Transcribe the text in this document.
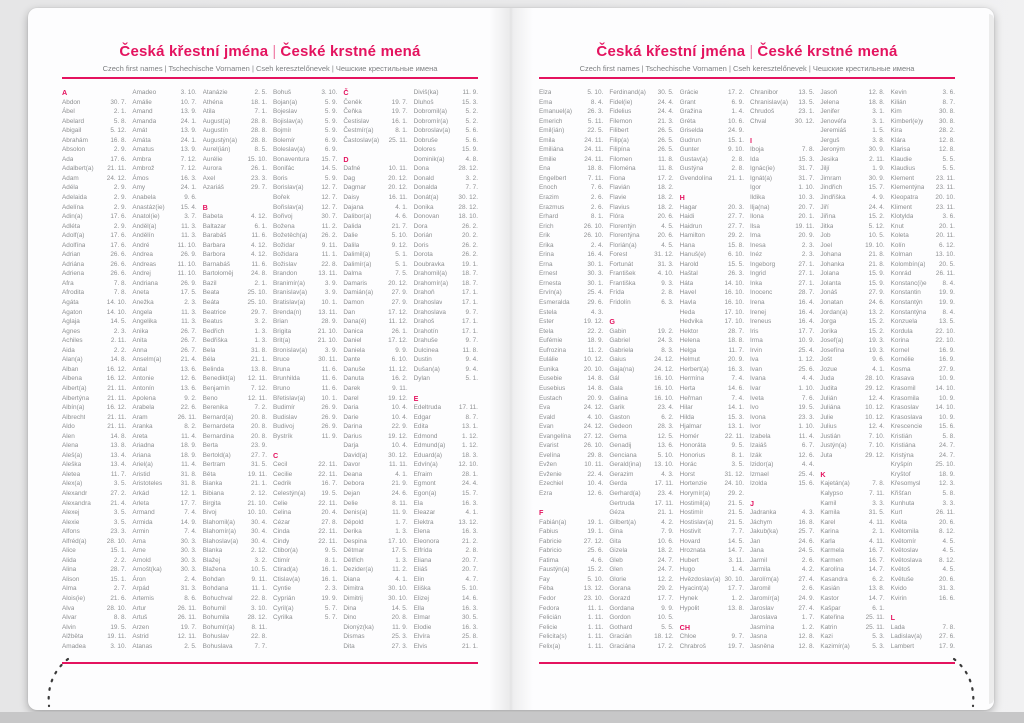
Česká křestní jména | České krstné mená
Czech first names | Tschechische Vornamen | Cseh keresztelőnevek | Чешские крестильные имена
A
Abdon	30. 7.
Ábel	2. 1.
Abelard	5. 8.
Abigail	5. 12.
Abrahám	16. 8.
Absolon	2. 9.
Ada	17. 6.
Adalbert(a) 21. 11.
Adam	24. 12.
Adéla	2. 9.
Adelaida	2. 9.
Adelína	2. 9.
Adin(a)	17. 6.
Adléta	2. 9.
Adolf(a)	17. 6.
Adolfína	17. 6.
Adrian	26. 6.
Adriána	26. 6.
Adriena	26. 6.
Afra	7. 8.
Afrodita	7. 8.
Agáta	14. 10.
Agaton	14. 10.
Aglaja	14. 5.
Agnes	2. 3.
Achiles	2. 11.
Aida	2. 2.
Alan(a)	14. 8.
Alban	16. 12.
Albena	16. 12.
Albert(a)	21. 11.
Albertýna	21. 11.
Albín(a)	16. 12.
Albrecht	21. 11.
Aldo	21. 11.
Alen	14. 8.
Alena	13. 8.
Aleš(a)	13. 4.
Aleška	13. 4.
Aletea	11. 7.
Alex(a)	3. 5.
Alexandr	27. 2.
Alexandra	21. 4.
Alexej	3. 5.
Alexie	3. 5.
Alfons	23. 3.
Alfréd(a)	28. 10.
Alice	15. 1.
Alida	2. 2.
Alina	28. 7.
Alison	15. 1.
Alma	2. 7.
Alois(ie)	21. 6.
Alva	28. 10.
Alvar	8. 8.
Alvin	19. 5.
Alžběta	19. 11.
Amadea	3. 10.
Amadeo	3. 10.
Amálie	10. 7.
Amand	13. 9.
Amanda	24. 1.
Amát	13. 9.
Amáta	24. 1.
Amatus	13. 9.
Ambra	7. 12.
Ambrož	7. 12.
Ámos	16. 3.
Amy	24. 1.
Anabela	9. 6.
Anastáz(ie)	15. 4.
Anatol(ie)	3. 7.
Anděl(a)	11. 3.
Andělín	11. 3.
André	11. 10.
Andrea	26. 9.
Andreas	11. 10.
Andrej	11. 10.
Andriana	26. 9.
Aneta	17. 5.
Anežka	2. 3.
Angela	11. 3.
Angelika	11. 3.
Anika	26. 7.
Anita	26. 7.
Anna	26. 7.
Anselm(a)	21. 4.
Antal	13. 6.
Antonie	12. 6.
Antonín	13. 6.
Apolena	9. 2.
Arabela	22. 6.
Aram	26. 11.
Aranka	8. 2.
Areta	11. 4.
Ariadna	18. 9.
Ariana	18. 9.
Ariel(a)	11. 4.
Aristid	31. 8.
Aristoteles	31. 8.
Arkád	12. 1.
Arleta	17. 7.
Armand	7. 4.
Armida	14. 9.
Armin	7. 4.
Arna	30. 3.
Arne	30. 3.
Arnold	30. 3.
Arnošt(ka)	30. 3.
Áron	2. 4.
Arpád	31. 3.
Artemis	8. 6.
Artur	26. 11.
Artuš	26. 11.
Arzen	19. 7.
Astrid	12. 11.
Atanas	2. 5.
Atanázie	2. 5.
Athéna	18. 1.
Atila	7. 1.
August(a)	28. 8.
Augustín	28. 8.
Augustýn(a) 28. 8.
Aurel(ián)	8. 5.
Aurélie	15. 10.
Aurora	26. 1.
Axel	23. 3.
Azariáš	29. 7.
B
Babeta	4. 12.
Baltazar	6. 1.
Barabáš	11. 6.
Barbara	4. 12.
Barbora	4. 12.
Barnabáš	11. 6.
Bartoloměj	24. 8.
Bazil	2. 1.
Beata	25. 10.
Beáta	25. 10.
Beatrice	29. 7.
Beatus	3. 2.
Bedřich	1. 3.
Bedřiška	1. 3.
Bela	31. 8.
Béla	21. 1.
Belinda	13. 8.
Benedikt(a) 12. 11.
Benjamín	7. 12.
Beno	12. 11.
Berenika	7. 2.
Bernard(a)	20. 8.
Bernardeta	20. 8.
Bernardina	20. 8.
Berta	23. 9.
Bertold(a)	27. 7.
Bertram	31. 5.
Běta	19. 11.
Bianka	21. 1.
Bibiana	2. 12.
Birgita	21. 10.
Bivoj	10. 10.
Blahomil(a)	30. 4.
Blahomír(a) 30. 4.
Blahoslav(a) 30. 4.
Blanka	2. 12.
Blažej	3. 2.
Blažena	10. 5.
Bohdan	9. 11.
Bohdana	11. 1.
Bohuchval	22. 8.
Bohumil	3. 10.
Bohumila	28. 12.
Bohumír(a)	8. 11.
Bohuslav	22. 8.
Bohuslava	7. 7.
Bohuš	3. 10.
Bojan(a)	5. 9.
Bojeslav	5. 9.
Bojislav(a)	5. 9.
Bojmír	5. 9.
Bolemír	6. 9.
Boleslav(a)	6. 9.
Bonaventura 15. 7.
Bonifác	14. 5.
Boris	5. 9.
Borislav(a)	12. 7.
Bořek	12. 7.
Bořislav(a)	12. 7.
Bořivoj	30. 7.
Božena	11. 2.
Božetěch(a) 26. 2.
Božidar	9. 11.
Božidara	11. 1.
Božislav	22. 8.
Brandon	13. 11.
Branimír(a)	3. 9.
Branislav(a)	3. 9.
Bratislav(a)	10. 1.
Brenda(n)	13. 11.
Brian	28. 9.
Brigita	21. 10.
Brit(a)	21. 10.
Bronislav(a)	3. 9.
Bruce	30. 11.
Bruna	11. 6.
Brunhilda	11. 6.
Bruno	11. 6.
Břetislav(a)	10. 1.
Budimír	26. 9.
Budislav	26. 9.
Budivoj	26. 9.
Bystrík	11. 9.
C
Cecil	22. 11.
Cecilie	22. 11.
Cedrik	16. 7.
Celestýn(a) 19. 5.
Celie	22. 11.
Celina	20. 4.
Cézar	27. 8.
Cinda	22. 11.
Cindy	22. 11.
Ctibor(a)	9. 5.
Ctimír	8. 1.
Ctirad(a)	16. 1.
Ctislav(a)	16. 1.
Cyntie	2. 3.
Cyprián	19. 9.
Cyril(a)	5. 7.
Cyrilka	5. 7.
Č
Čeněk	19. 7.
Čeňka	19. 7.
Čestislav	16. 1.
Čestmír(a)	8. 1.
Častoslav(a) 25. 11.
D
Dafné	10. 11.
Dag	20. 12.
Dagmar	20. 12.
Daisy	16. 11.
Dajana	4. 1.
Dalibor(a)	4. 6.
Dalida	21. 7.
Dalie	5. 10.
Dalila	9. 12.
Dalimil(a)	5. 1.
Dalimír(a)	5. 1.
Dalma	7. 5.
Damaris	20. 12.
Damián(a)	27. 9.
Damon	27. 9.
Dan	17. 12.
Dana(é)	11. 12.
Danica	26. 1.
Daniel	17. 12.
Daniela	9. 9.
Dante	6. 10.
Danuše	11. 12.
Danuta	16. 2.
Darek	9. 11.
Darel	19. 12.
Daria	10. 4.
Darie	10. 4.
Darina	22. 9.
Darius	19. 12.
Darja	10. 4.
David(a)	30. 12.
Davor	11. 11.
Deana	4. 1.
Debora	21. 9.
Dejan	24. 6.
Delie	8. 11.
Denis(a)	11. 9.
Děpold	1. 7.
Derika	1. 3.
Despina	17. 10.
Dětmar	17. 5.
Dětřich	1. 3.
Dezider(a)	11. 2.
Diana	4. 1.
Dimitra	30. 10.
Dimitrij	30. 10.
Dina	14. 5.
Dino	20. 8.
Dionýz(ka)	11. 9.
Dismas	25. 3.
Dita	27. 3.
Diviš(ka)	11. 9.
Dluhoš	15. 3.
Dobromil(a)	5. 2.
Dobromír(a)	5. 2.
Dobroslav(a) 5. 6.
Dobruše	5. 6.
Dolores	15. 9.
Dominik(a)	4. 8.
Dona	28. 12.
Donald	3. 2.
Donalda	7. 7.
Donát(a)	30. 12.
Donika	28. 12.
Donovan	18. 10.
Dora	26. 2.
Dorián	20. 2.
Doris	26. 2.
Dorota	26. 2.
Doubravka	19. 1.
Drahomil(a) 18. 7.
Drahomír(a) 18. 7.
Drahoň	17. 1.
Drahoslav	17. 1.
Drahoslava	9. 7.
Drahoš	17. 1.
Drahotín	17. 1.
Drahuše	9. 7.
Dulcinea	11. 8.
Dustin	9. 4.
Dušan(a)	9. 4.
Dylan	5. 1.
E
Edeltruda	17. 11.
Edgar	8. 7.
Edita	13. 1.
Edmond	1. 12.
Edmund(a)	1. 12.
Eduard(a)	18. 3.
Edvín(a)	12. 10.
Efraim	28. 1.
Egmont	24. 4.
Egon(a)	15. 7.
Ela	16. 3.
Eleazar	4. 1.
Elektra	13. 12.
Elena	16. 3.
Eleonora	21. 2.
Elfrída	2. 8.
Eliana	20. 7.
Eliáš	20. 7.
Elin	4. 7.
Eliška	5. 10.
Elizej	14. 6.
Ella	16. 3.
Elmar	30. 5.
Elodie	16. 3.
Elvíra	25. 8.
Elvis	21. 1.
Česká křestní jména | České krstné mená
Czech first names | Tschechische Vornamen | Cseh keresztelőnevek | Чешские крестильные имена
Elza	5. 10.
Ema	8. 4.
Emanuel(a) 26. 3.
Emerich	5. 11.
Emil(ián)	22. 5.
Emila	24. 11.
Emiliána	24. 11.
Emilie	24. 11.
Ena	18. 8.
Engelbert	7. 11.
Enoch	7. 6.
Erazim	2. 6.
Erazmus	2. 6.
Erhard	8. 1.
Erich	26. 10.
Erik	26. 10.
Erika	2. 4.
Erina	16. 4.
Erna	30. 1.
Ernest	30. 3.
Ernesta	30. 1.
Ervín(a)	25. 4.
Esmeralda	29. 6.
Estela	4. 3.
Ester	19. 12.
Etela	22. 2.
Eufémie	18. 9.
Eufrozina	11. 2.
Eulálie	10. 12.
Eunika	20. 10.
Eusebie	14. 8.
Eusebius	14. 8.
Eustach	20. 9.
Eva	24. 12.
Evald	4. 10.
Evan	24. 12.
Evangelína 27. 12.
Evarist	26. 10.
Evelína	29. 8.
Evžen	10. 11.
Evženie	22. 4.
Ezechiel	10. 4.
Ezra	12. 6.
F
Fabián(a)	19. 1.
Fabius	19. 1.
Fabricie	27. 12.
Fabricio	25. 6.
Fatima	4. 6.
Faustýn(a)	15. 2.
Fay	5. 10.
Féba	13. 12.
Fedor	23. 10.
Fedora	11. 1.
Felicián	1. 11.
Felicie	1. 11.
Felicita(s)	1. 11.
Felix(a)	1. 11.
Ferdinand(a) 30. 5.
Fidel(ie)	24. 4.
Fidelius	24. 4.
Filemon	21. 3.
Filibert	26. 5.
Filip(a)	26. 5.
Filipína	26. 5.
Filomen	11. 8.
Filoména	11. 8.
Fiona	17. 2.
Flavián	18. 2.
Flavie	18. 2.
Flavius	18. 2.
Flóra	20. 6.
Florentýn	4. 5.
Florentýna	20. 6.
Florián(a)	4. 5.
Forest	31. 12.
Fortunát	31. 3.
František	4. 10.
Františka	9. 3.
Frída	2. 8.
Fridolín	6. 3.
G
Gabin	19. 2.
Gabriel	24. 3.
Gabriela	8. 3.
Gaius	24. 12.
Gaja(na)	24. 12.
Gál	16. 10.
Gala	16. 10.
Galina	16. 10.
Garik	23. 4.
Gaston	6. 2.
Gedeon	28. 3.
Gema	12. 5.
Genadij	13. 6.
Genciana	5. 10.
Gerald(ina) 13. 10.
Gerazim	4. 3.
Gerda	17. 11.
Gerhard(a)	23. 4.
Gertruda	17. 11.
Géza	21. 1.
Gilbert(a)	4. 2.
Gina	7. 9.
Gita	10. 6.
Gizela	18. 2.
Gleb	24. 7.
Glen	24. 7.
Glorie	12. 2.
Gorana	29. 2.
Gorazd	17. 7.
Gordana	9. 9.
Gordon	10. 5.
Gothard	5. 5.
Gracián	18. 12.
Graciána	17. 2.
Grácie	17. 2.
Grant	6. 9.
Gražina	1. 4.
Gréta	10. 6.
Griselda	24. 9.
Gudrun	15. 1.
Gunter	9. 10.
Gustav(a)	2. 8.
Gustýna	2. 8.
Gvendolína 21. 1.
H
Hagar	20. 3.
Haidi	27. 7.
Haidrun	27. 7.
Hamilton	29. 2.
Hana	15. 8.
Hanuš(e)	6. 10.
Harold	15. 5.
Haštal	26. 3.
Háta	14. 10.
Havel	16. 10.
Havla	16. 10.
Heda	17. 10.
Hedvika	17. 10.
Hektor	28. 7.
Helena	18. 8.
Helga	11. 7.
Helmut	20. 9.
Herbert(a)	16. 3.
Hermína	7. 4.
Herta	14. 6.
Heřman	7. 4.
Hilar	14. 1.
Hilda	15. 3.
Hjalmar	13. 1.
Homér	22. 11.
Honoráta	9. 5.
Honorius	8. 1.
Horác	3. 5.
Horst	31. 12.
Hortenzie	24. 10.
Horymír(a)	29. 2.
Hostimil(a)	21. 5.
Hostimír	21. 5.
Hostislav(a) 21. 5.
Hostivít	7. 7.
Hovard	14. 5.
Hroznata	14. 7.
Hubert	3. 11.
Hugo	1. 4.
Hvězdoslav(a) 30. 10.
Hyacint(a)	17. 7.
Hynek	1. 2.
Hypolit	13. 8.
CH
Chloe	9. 7.
Chrabroš	19. 7.
Chranibor	13. 5.
Chranislav(a) 13. 5.
Chrudoš	23. 1.
Chval	30. 12.
I
Iboja	7. 8.
Ida	15. 3.
Ignác(ie)	31. 7.
Ignát(a)	31. 7.
Igor	1. 10.
Ildika	10. 3.
Ilja(na)	20. 7.
Ilona	20. 1.
Ilsa	19. 11.
Ima	20. 9.
Inesa	2. 3.
Inéz	2. 3.
Ingeborg	27. 1.
Ingrid	27. 1.
Inka	27. 1.
Inocenc	28. 7.
Irena	16. 4.
Irenej	16. 4.
Ireneus	16. 4.
Iris	17. 7.
Irma	10. 9.
Irvin	25. 4.
Iva	1. 12.
Ivan	25. 6.
Ivana	4. 4.
Ivar	1. 10.
Iveta	7. 6.
Ivo	19. 5.
Ivona	23. 3.
Ivor	1. 10.
Izabela	11. 4.
Izaiáš	6. 7.
Izák	12. 6.
Izidor(a)	4. 4.
Izmael	25. 4.
Izolda	15. 6.
J
Jadranka	4. 3.
Jáchym	16. 8.
Jakub(ka)	25. 7.
Jan	24. 6.
Jana	24. 5.
Jarmil	2. 6.
Jarmila	4. 2.
Jarolím(a)	27. 4.
Jaromil	2. 6.
Jaromír(a)	24. 9.
Jaroslav	27. 4.
Jaroslava	1. 7.
Jasmína	1. 2.
Jasna	12. 8.
Jasněna	12. 8.
Jasoň	12. 8.
Jelena	18. 8.
Jenifer	3. 1.
Jenovéfa	3. 1.
Jeremiáš	1. 5.
Jerguš	3. 8.
Jeroným	30. 9.
Jesika	2. 11.
Jiljí	1. 9.
Jimram	30. 9.
Jindřich	15. 7.
Jindřiška	4. 9.
Jiří	24. 4.
Jiřina	15. 2.
Jitka	5. 12.
Job	10. 5.
Joel	19. 10.
Johana	21. 8.
Johanka	21. 8.
Jolana	15. 9.
Jolanta	15. 9.
Jonáš	27. 9.
Jonatan	24. 6.
Jordan(a)	13. 2.
Jorga	15. 2.
Jorika	15. 2.
Josef(a)	19. 3.
Josefína	19. 3.
Jošt	9. 6.
Jozue	4. 1.
Juda	28. 10.
Judita	29. 12.
Julián	12. 4.
Juliána	10. 12.
Julie	10. 12.
Julius	12. 4.
Justián	7. 10.
Justýn(a)	7. 10.
Juta	29. 12.
K
Kajetán(a)	7. 8.
Kalypso	7. 11.
Kamil	3. 3.
Kamila	31. 5.
Karel	4. 11.
Karina	2. 1.
Karla	4. 11.
Karmela	16. 7.
Karmen	16. 7.
Karolína	14. 7.
Kasandra	6. 2.
Kasián	13. 8.
Kastor	14. 7.
Kašpar	6. 1.
Kateřina	25. 11.
Katrin	25. 11.
Kazi	5. 3.
Kazimír(a)	5. 3.
Kevin	3. 6.
Kilián	8. 7.
Kim	30. 8.
Kimberl(e)y 30. 8.
Kira	28. 2.
Klára	12. 8.
Klarisa	12. 8.
Klaudie	5. 5.
Klaudius	5. 5.
Klement	23. 11.
Klementýna 23. 11.
Kleopatra	20. 10.
Kliment	23. 11.
Klotylda	3. 6.
Knut	20. 1.
Koleta	20. 11.
Kolín	6. 12.
Kolman	13. 10.
Kolombín(a) 20. 5.
Konrád	26. 11.
Konstanc(i)e	8. 4.
Konstantin	19. 9.
Konstantýn	19. 9.
Konstantýna	8. 4.
Konzuela	13. 5.
Kordula	22. 10.
Korina	22. 10.
Kornel	16. 9.
Kornélie	16. 9.
Kosma	27. 9.
Krasava	10. 9.
Krasomil	14. 10.
Krasomila	10. 9.
Krasoslav	14. 10.
Krasoslava	10. 9.
Krescencie	15. 6.
Kristián	5. 8.
Kristiána	24. 7.
Kristýna	24. 7.
Kryšpín	25. 10.
Kryštof	18. 9.
Křesomysl	12. 3.
Křišťan	5. 8.
Kunhuta	3. 3.
Kurt	26. 11.
Květa	20. 6.
Květomila	8. 12.
Květomír	4. 5.
Květoslav	4. 5.
Květoslava	8. 12.
Květoš	4. 5.
Květuše	20. 6.
Kvido	31. 3.
Kvirin	16. 6.
L
Lada	7. 8.
Ladislav(a)	27. 6.
Lambert	17. 9.
